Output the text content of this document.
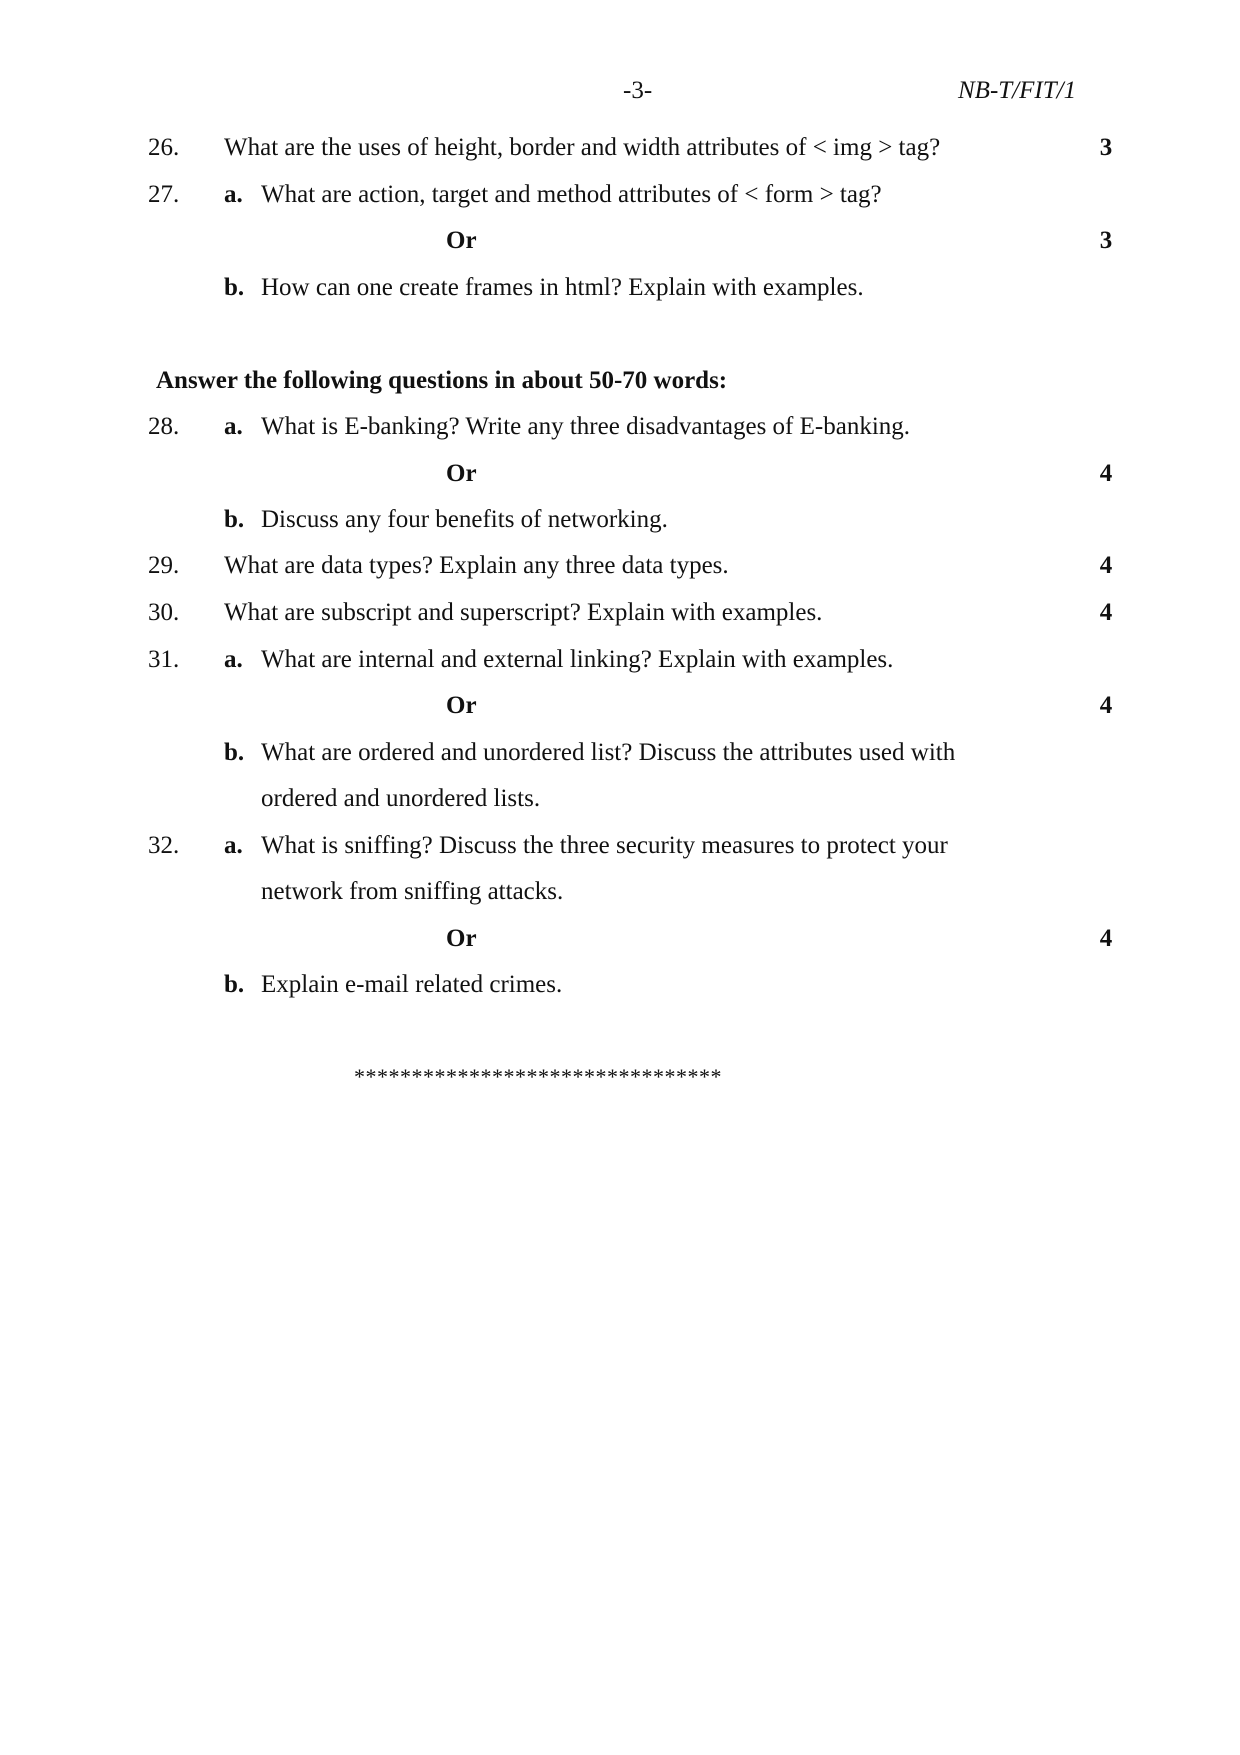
-3-	NB-T/FIT/1
26. What are the uses of height, border and width attributes of < img > tag?	3
27. a. What are action, target and method attributes of < form > tag?
Or	3
b. How can one create frames in html? Explain with examples.
Answer the following questions in about 50-70 words:
28. a. What is E-banking? Write any three disadvantages of E-banking.
Or	4
b. Discuss any four benefits of networking.
29. What are data types? Explain any three data types.	4
30. What are subscript and superscript? Explain with examples.	4
31. a. What are internal and external linking? Explain with examples.
Or	4
b. What are ordered and unordered list? Discuss the attributes used with
ordered and unordered lists.
32. a. What is sniffing? Discuss the three security measures to protect your
network from sniffing attacks.
Or	4
b. Explain e-mail related crimes.
********************************
